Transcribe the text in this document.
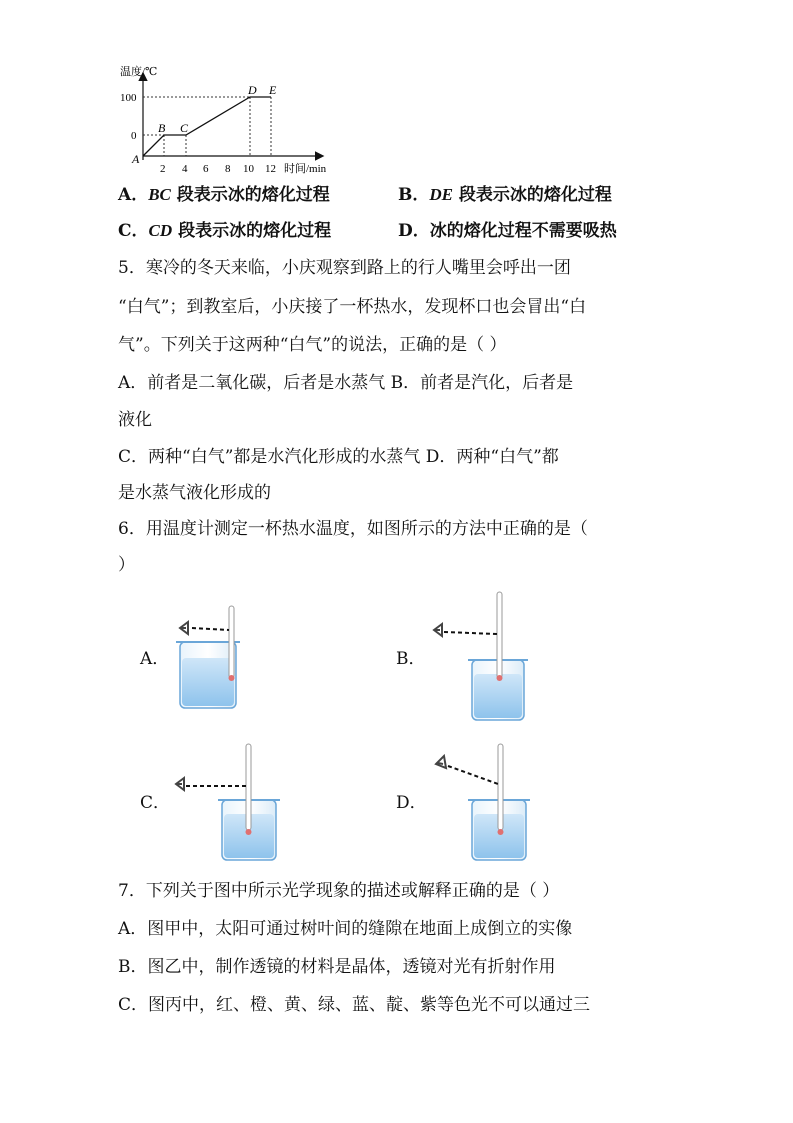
温度/℃
100
0
A
B C
D E
2 4 6 8 10 12 时间/min
A．BC 段表示冰的熔化过程	B．DE 段表示冰的熔化过程
C．CD 段表示冰的熔化过程	D．冰的熔化过程不需要吸热
5．寒冷的冬天来临，小庆观察到路上的行人嘴里会呼出一团
“白气”；到教室后，小庆接了一杯热水，发现杯口也会冒出“白
气”。下列关于这两种“白气”的说法，正确的是（ ）
A．前者是二氧化碳，后者是水蒸气 B．前者是汽化，后者是
液化
C．两种“白气”都是水汽化形成的水蒸气 D．两种“白气”都
是水蒸气液化形成的
6．用温度计测定一杯热水温度，如图所示的方法中正确的是（
）
A．	B．
C．	D．
7．下列关于图中所示光学现象的描述或解释正确的是（ ）
A．图甲中，太阳可通过树叶间的缝隙在地面上成倒立的实像
B．图乙中，制作透镜的材料是晶体，透镜对光有折射作用
C．图丙中，红、橙、黄、绿、蓝、靛、紫等色光不可以通过三
